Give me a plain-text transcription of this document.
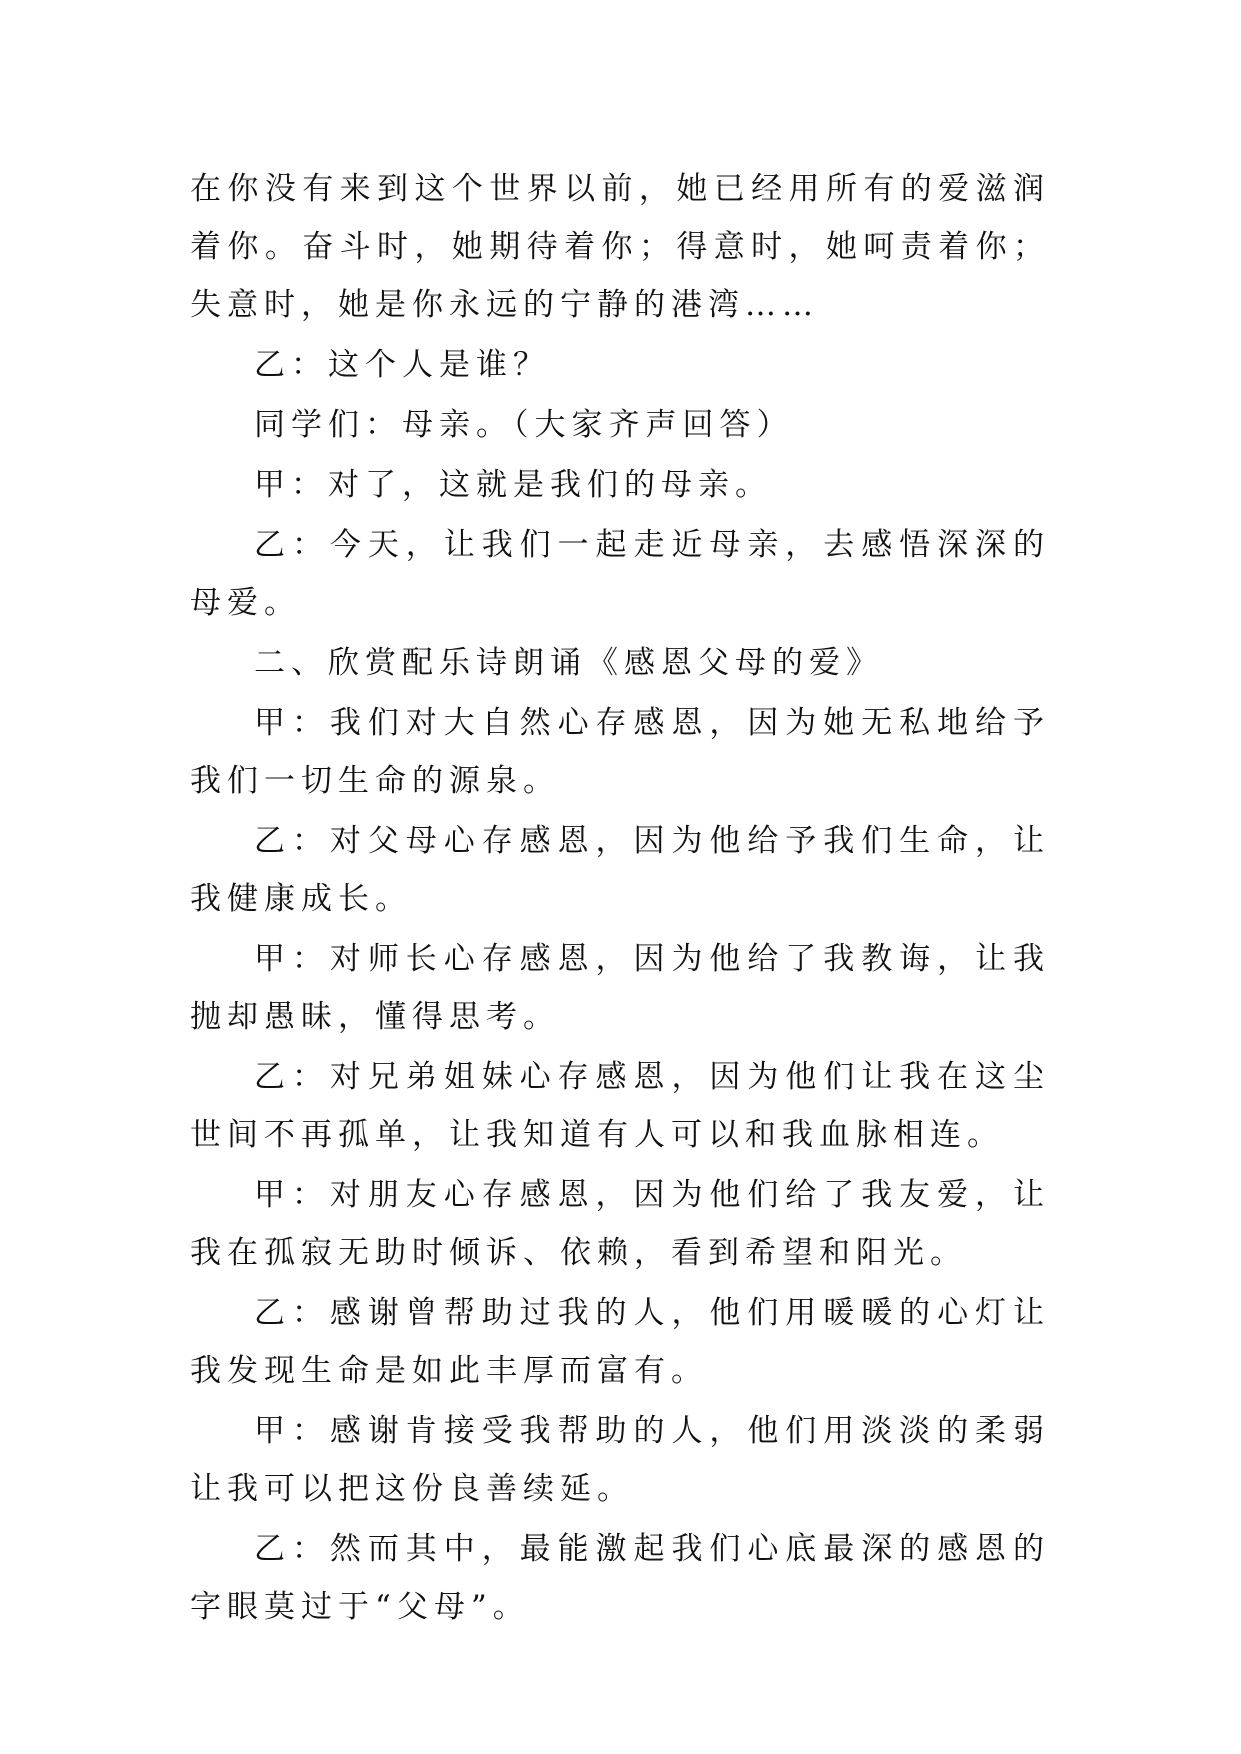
在你没有来到这个世界以前，她已经用所有的爱滋润着你。奋斗时，她期待着你；得意时，她呵责着你；失意时，她是你永远的宁静的港湾……

乙：这个人是谁？

同学们：母亲。（大家齐声回答）

甲：对了，这就是我们的母亲。

乙：今天，让我们一起走近母亲，去感悟深深的母爱。

二、欣赏配乐诗朗诵《感恩父母的爱》

甲：我们对大自然心存感恩，因为她无私地给予我们一切生命的源泉。

乙：对父母心存感恩，因为他给予我们生命，让我健康成长。

甲：对师长心存感恩，因为他给了我教诲，让我抛却愚昧，懂得思考。

乙：对兄弟姐妹心存感恩，因为他们让我在这尘世间不再孤单，让我知道有人可以和我血脉相连。

甲：对朋友心存感恩，因为他们给了我友爱，让我在孤寂无助时倾诉、依赖，看到希望和阳光。

乙：感谢曾帮助过我的人，他们用暖暖的心灯让我发现生命是如此丰厚而富有。

甲：感谢肯接受我帮助的人，他们用淡淡的柔弱让我可以把这份良善续延。

乙：然而其中，最能激起我们心底最深的感恩的字眼莫过于“父母”。
